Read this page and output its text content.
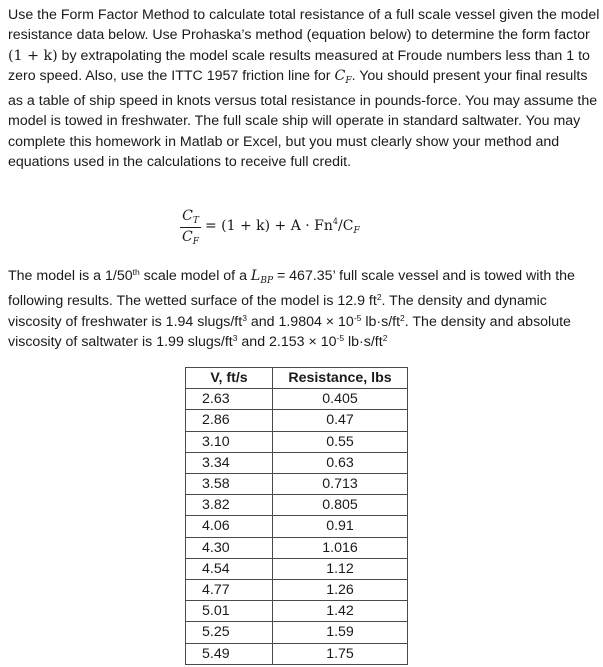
Use the Form Factor Method to calculate total resistance of a full scale vessel given the model resistance data below. Use Prohaska’s method (equation below) to determine the form factor (1 + k) by extrapolating the model scale results measured at Froude numbers less than 1 to zero speed. Also, use the ITTC 1957 friction line for $C_F$. You should present your final results as a table of ship speed in knots versus total resistance in pounds-force. You may assume the model is towed in freshwater. The full scale ship will operate in standard saltwater. You may complete this homework in Matlab or Excel, but you must clearly show your method and equations used in the calculations to receive full credit.

$\frac{C_T}{C_F} = (1 + k) + A \cdot Fn^4/C_F$

The model is a 1/50th scale model of a $L_{BP} = 467.35$’ full scale vessel and is towed with the following results. The wetted surface of the model is 12.9 $ft^2$. The density and dynamic viscosity of freshwater is 1.94 slugs/$ft^3$ and $1.9804 \times 10^{-5}$ $lb\cdot s/ft^2$. The density and absolute viscosity of saltwater is 1.99 slugs/$ft^3$ and $2.153 \times 10^{-5}$ $lb\cdot s/ft^2$

V, ft/s	Resistance, lbs
2.63	0.405
2.86	0.47
3.10	0.55
3.34	0.63
3.58	0.713
3.82	0.805
4.06	0.91
4.30	1.016
4.54	1.12
4.77	1.26
5.01	1.42
5.25	1.59
5.49	1.75
